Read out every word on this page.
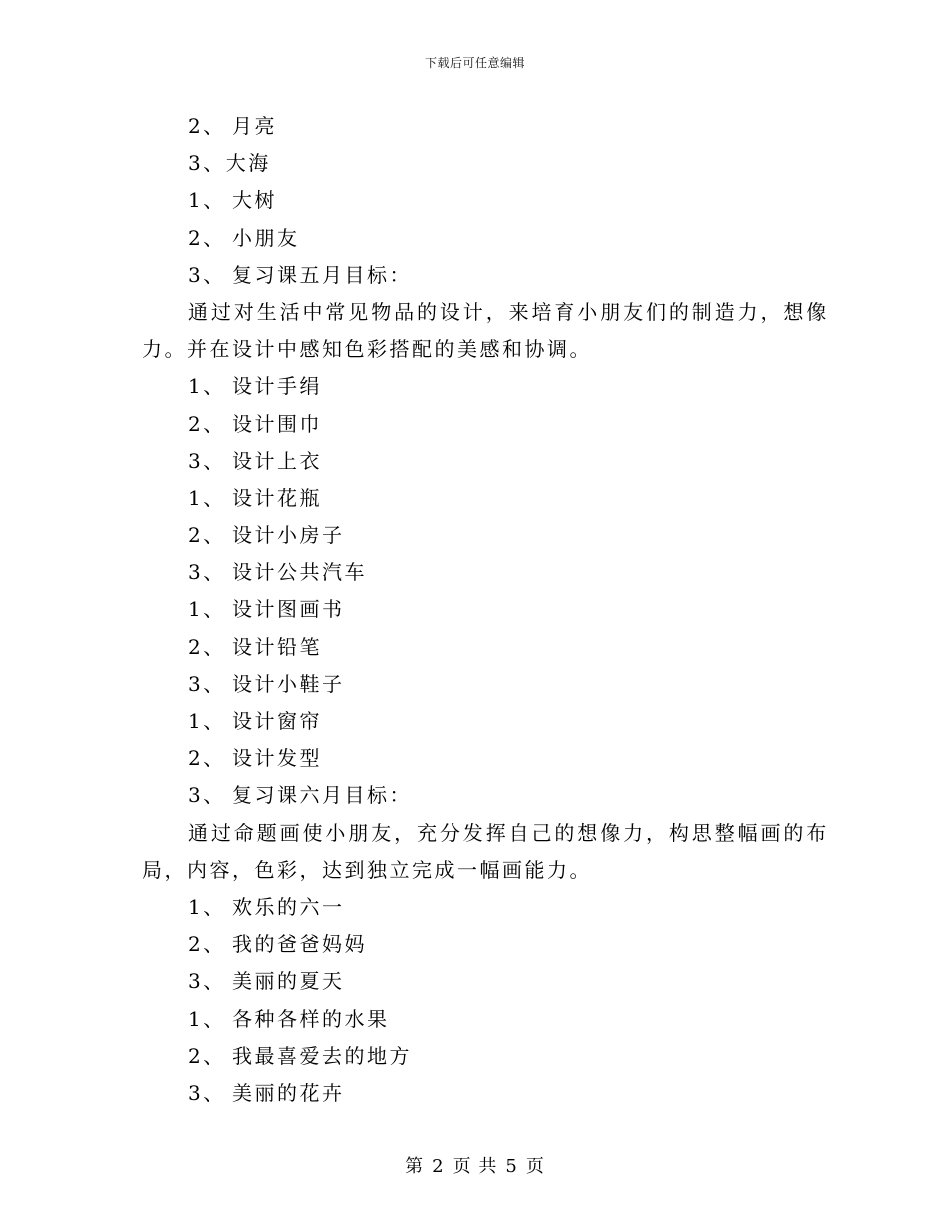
下载后可任意编辑
2、 月亮
3、大海
1、 大树
2、 小朋友
3、 复习课五月目标：
通过对生活中常见物品的设计，来培育小朋友们的制造力，想像
力。并在设计中感知色彩搭配的美感和协调。
1、 设计手绢
2、 设计围巾
3、 设计上衣
1、 设计花瓶
2、 设计小房子
3、 设计公共汽车
1、 设计图画书
2、 设计铅笔
3、 设计小鞋子
1、 设计窗帘
2、 设计发型
3、 复习课六月目标：
通过命题画使小朋友，充分发挥自己的想像力，构思整幅画的布
局，内容，色彩，达到独立完成一幅画能力。
1、 欢乐的六一
2、 我的爸爸妈妈
3、 美丽的夏天
1、 各种各样的水果
2、 我最喜爱去的地方
3、 美丽的花卉
第 2 页 共 5 页
